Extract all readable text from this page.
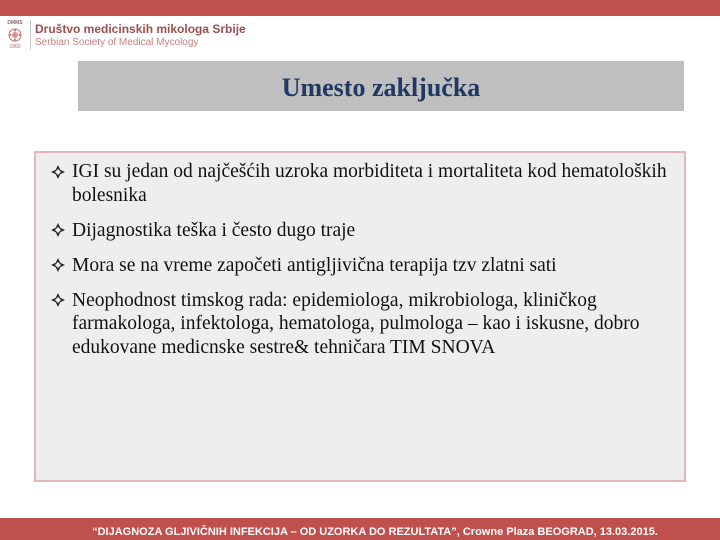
DMMS
1960
Društvo medicinskih mikologa Srbije
Serbian Society of Medical Mycology
Umesto zaključka
IGI su jedan od najčešćih uzroka morbiditeta i mortaliteta kod hematoloških bolesnika
Dijagnostika teška i često dugo traje
Mora se na vreme započeti antigljivična terapija tzv zlatni sati
Neophodnost timskog rada: epidemiologa, mikrobiologa, kliničkog farmakologa, infektologa, hematologa, pulmologa – kao i iskusne, dobro edukovane medicnske sestre& tehničara TIM SNOVA
“DIJAGNOZA GLJIVIČNIH INFEKCIJA – OD UZORKA DO REZULTATA”, Crowne Plaza BEOGRAD, 13.03.2015.
